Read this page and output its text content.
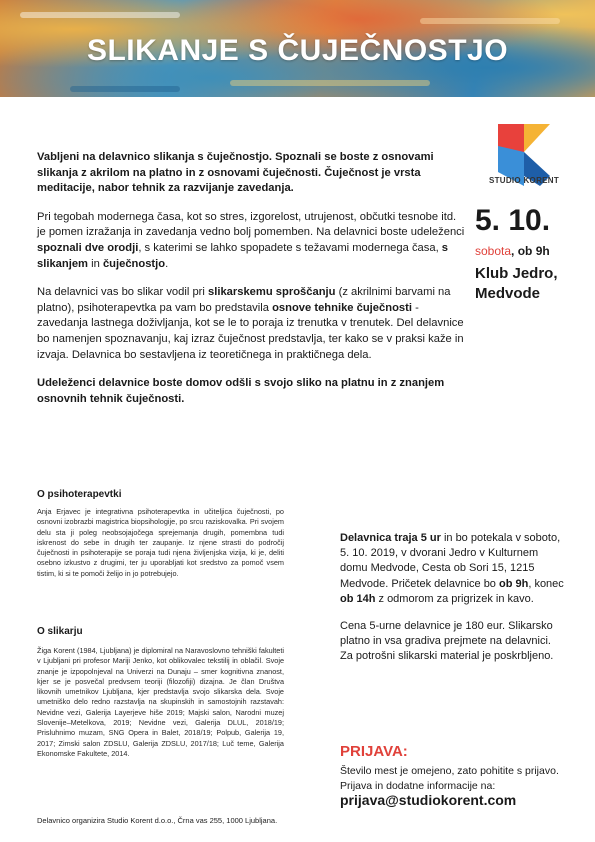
SLIKANJE S ČUJEČNOSTJO
STUDIO KORENT
5. 10.
sobota, ob 9h
Klub Jedro,
Medvode

Vabljeni na delavnico slikanja s čuječnostjo. Spoznali se boste z osnovami slikanja z akrilom na platno in z osnovami čuječnosti. Čuječnost je vrsta meditacije, nabor tehnik za razvijanje zavedanja.

Pri tegobah modernega časa, kot so stres, izgorelost, utrujenost, občutki tesnobe itd. je pomen izražanja in zavedanja vedno bolj pomemben. Na delavnici boste udeleženci spoznali dve orodji, s katerimi se lahko spopadete s težavami modernega časa, s slikanjem in čuječnostjo.

Na delavnici vas bo slikar vodil pri slikarskemu sproščanju (z akrilnimi barvami na platno), psihoterapevtka pa vam bo predstavila osnove tehnike čuječnosti - zavedanja lastnega doživljanja, kot se le to poraja iz trenutka v trenutek. Del delavnice bo namenjen spoznavanju, kaj izraz čuječnost predstavlja, ter kako se v praksi kaže in izvaja. Delavnica bo sestavljena iz teoretičnega in praktičnega dela.

Udeleženci delavnice boste domov odšli s svojo sliko na platnu in z znanjem osnovnih tehnik čuječnosti.

O psihoterapevtki
Anja Erjavec je integrativna psihoterapevtka in učiteljica čuječnosti, po osnovni izobrazbi magistrica biopsihologije, po srcu raziskovalka. Pri svojem delu sta ji poleg neobsojajočega sprejemanja drugih, pomembna tudi iskrenost do sebe in drugih ter zaupanje. Iz njene strasti do področij čuječnosti in psihoterapije se poraja tudi njena življenjska vizija, ki je, deliti osebno izkustvo z drugimi, ter ju uporabljati kot sredstvo za pomoč vsem tistim, ki si te pomoči želijo in jo potrebujejo.
O slikarju
Žiga Korent (1984, Ljubljana) je diplomiral na Naravoslovno tehniški fakulteti v Ljubljani pri profesor Mariji Jenko, kot oblikovalec tekstilij in oblačil. Svoje znanje je izpopolnjeval na Univerzi na Dunaju – smer kognitivna znanost, kjer se je posvečal predvsem teoriji (filozofiji) dizajna. Je član Društva likovnih umetnikov Ljubljana, kjer predstavlja svojo slikarska dela. Svoje umetniško delo redno razstavlja na skupinskih in samostojnih razstavah: Nevidne vezi, Galerija Layerjeve hiše 2019; Majski salon, Narodni muzej Slovenije–Metelkova, 2019; Nevidne vezi, Galerija DLUL, 2018/19; Prisluhnimo muzam, SNG Opera in Balet, 2018/19; Polpub, Galerija 19, 2017; Zimski salon ZDSLU, Galerija ZDSLU, 2017/18; Luč teme, Galerija Ekonomske Fakultete, 2014.
Delavnico organizira Studio Korent d.o.o., Črna vas 255, 1000 Ljubljana.

Delavnica traja 5 ur in bo potekala v soboto, 5. 10. 2019, v dvorani Jedro v Kulturnem domu Medvode, Cesta ob Sori 15, 1215 Medvode. Pričetek delavnice bo ob 9h, konec ob 14h z odmorom za prigrizek in kavo.

Cena 5-urne delavnice je 180 eur. Slikarsko platno in vsa gradiva prejmete na delavnici. Za potrošni slikarski material je poskrbljeno.

PRIJAVA:
Število mest je omejeno, zato pohitite s prijavo. Prijava in dodatne informacije na: prijava@studiokorent.com
